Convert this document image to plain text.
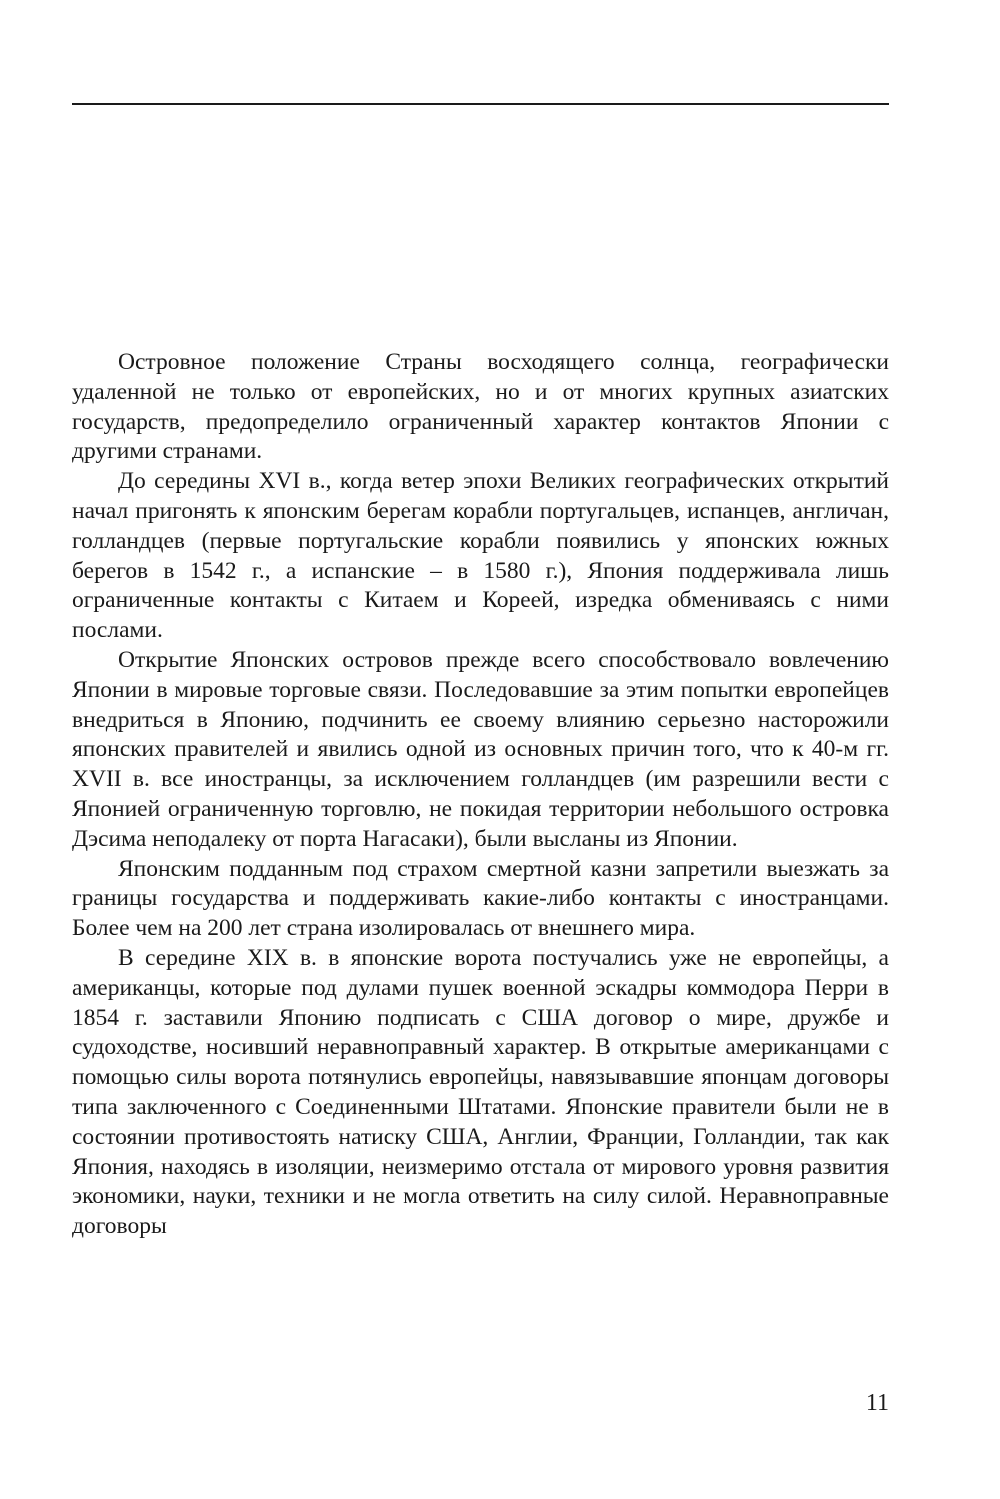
Островное положение Страны восходящего солнца, географически удаленной не только от европейских, но и от многих крупных азиатских государств, предопределило ограниченный характер контактов Японии с другими странами.

До середины XVI в., когда ветер эпохи Великих географических открытий начал пригонять к японским берегам корабли португальцев, испанцев, англичан, голландцев (первые португальские корабли появились у японских южных берегов в 1542 г., а испанские – в 1580 г.), Япония поддерживала лишь ограниченные контакты с Китаем и Кореей, изредка обмениваясь с ними послами.

Открытие Японских островов прежде всего способствовало вовлечению Японии в мировые торговые связи. Последовавшие за этим попытки европейцев внедриться в Японию, подчинить ее своему влиянию серьезно насторожили японских правителей и явились одной из основных причин того, что к 40-м гг. XVII в. все иностранцы, за исключением голландцев (им разрешили вести с Японией ограниченную торговлю, не покидая территории небольшого островка Дэсима неподалеку от порта Нагасаки), были высланы из Японии.

Японским подданным под страхом смертной казни запретили выезжать за границы государства и поддерживать какие-либо контакты с иностранцами. Более чем на 200 лет страна изолировалась от внешнего мира.

В середине XIX в. в японские ворота постучались уже не европейцы, а американцы, которые под дулами пушек военной эскадры коммодора Перри в 1854 г. заставили Японию подписать с США договор о мире, дружбе и судоходстве, носивший неравноправный характер. В открытые американцами с помощью силы ворота потянулись европейцы, навязывавшие японцам договоры типа заключенного с Соединенными Штатами. Японские правители были не в состоянии противостоять натиску США, Англии, Франции, Голландии, так как Япония, находясь в изоляции, неизмеримо отстала от мирового уровня развития экономики, науки, техники и не могла ответить на силу силой. Неравноправные договоры

11
